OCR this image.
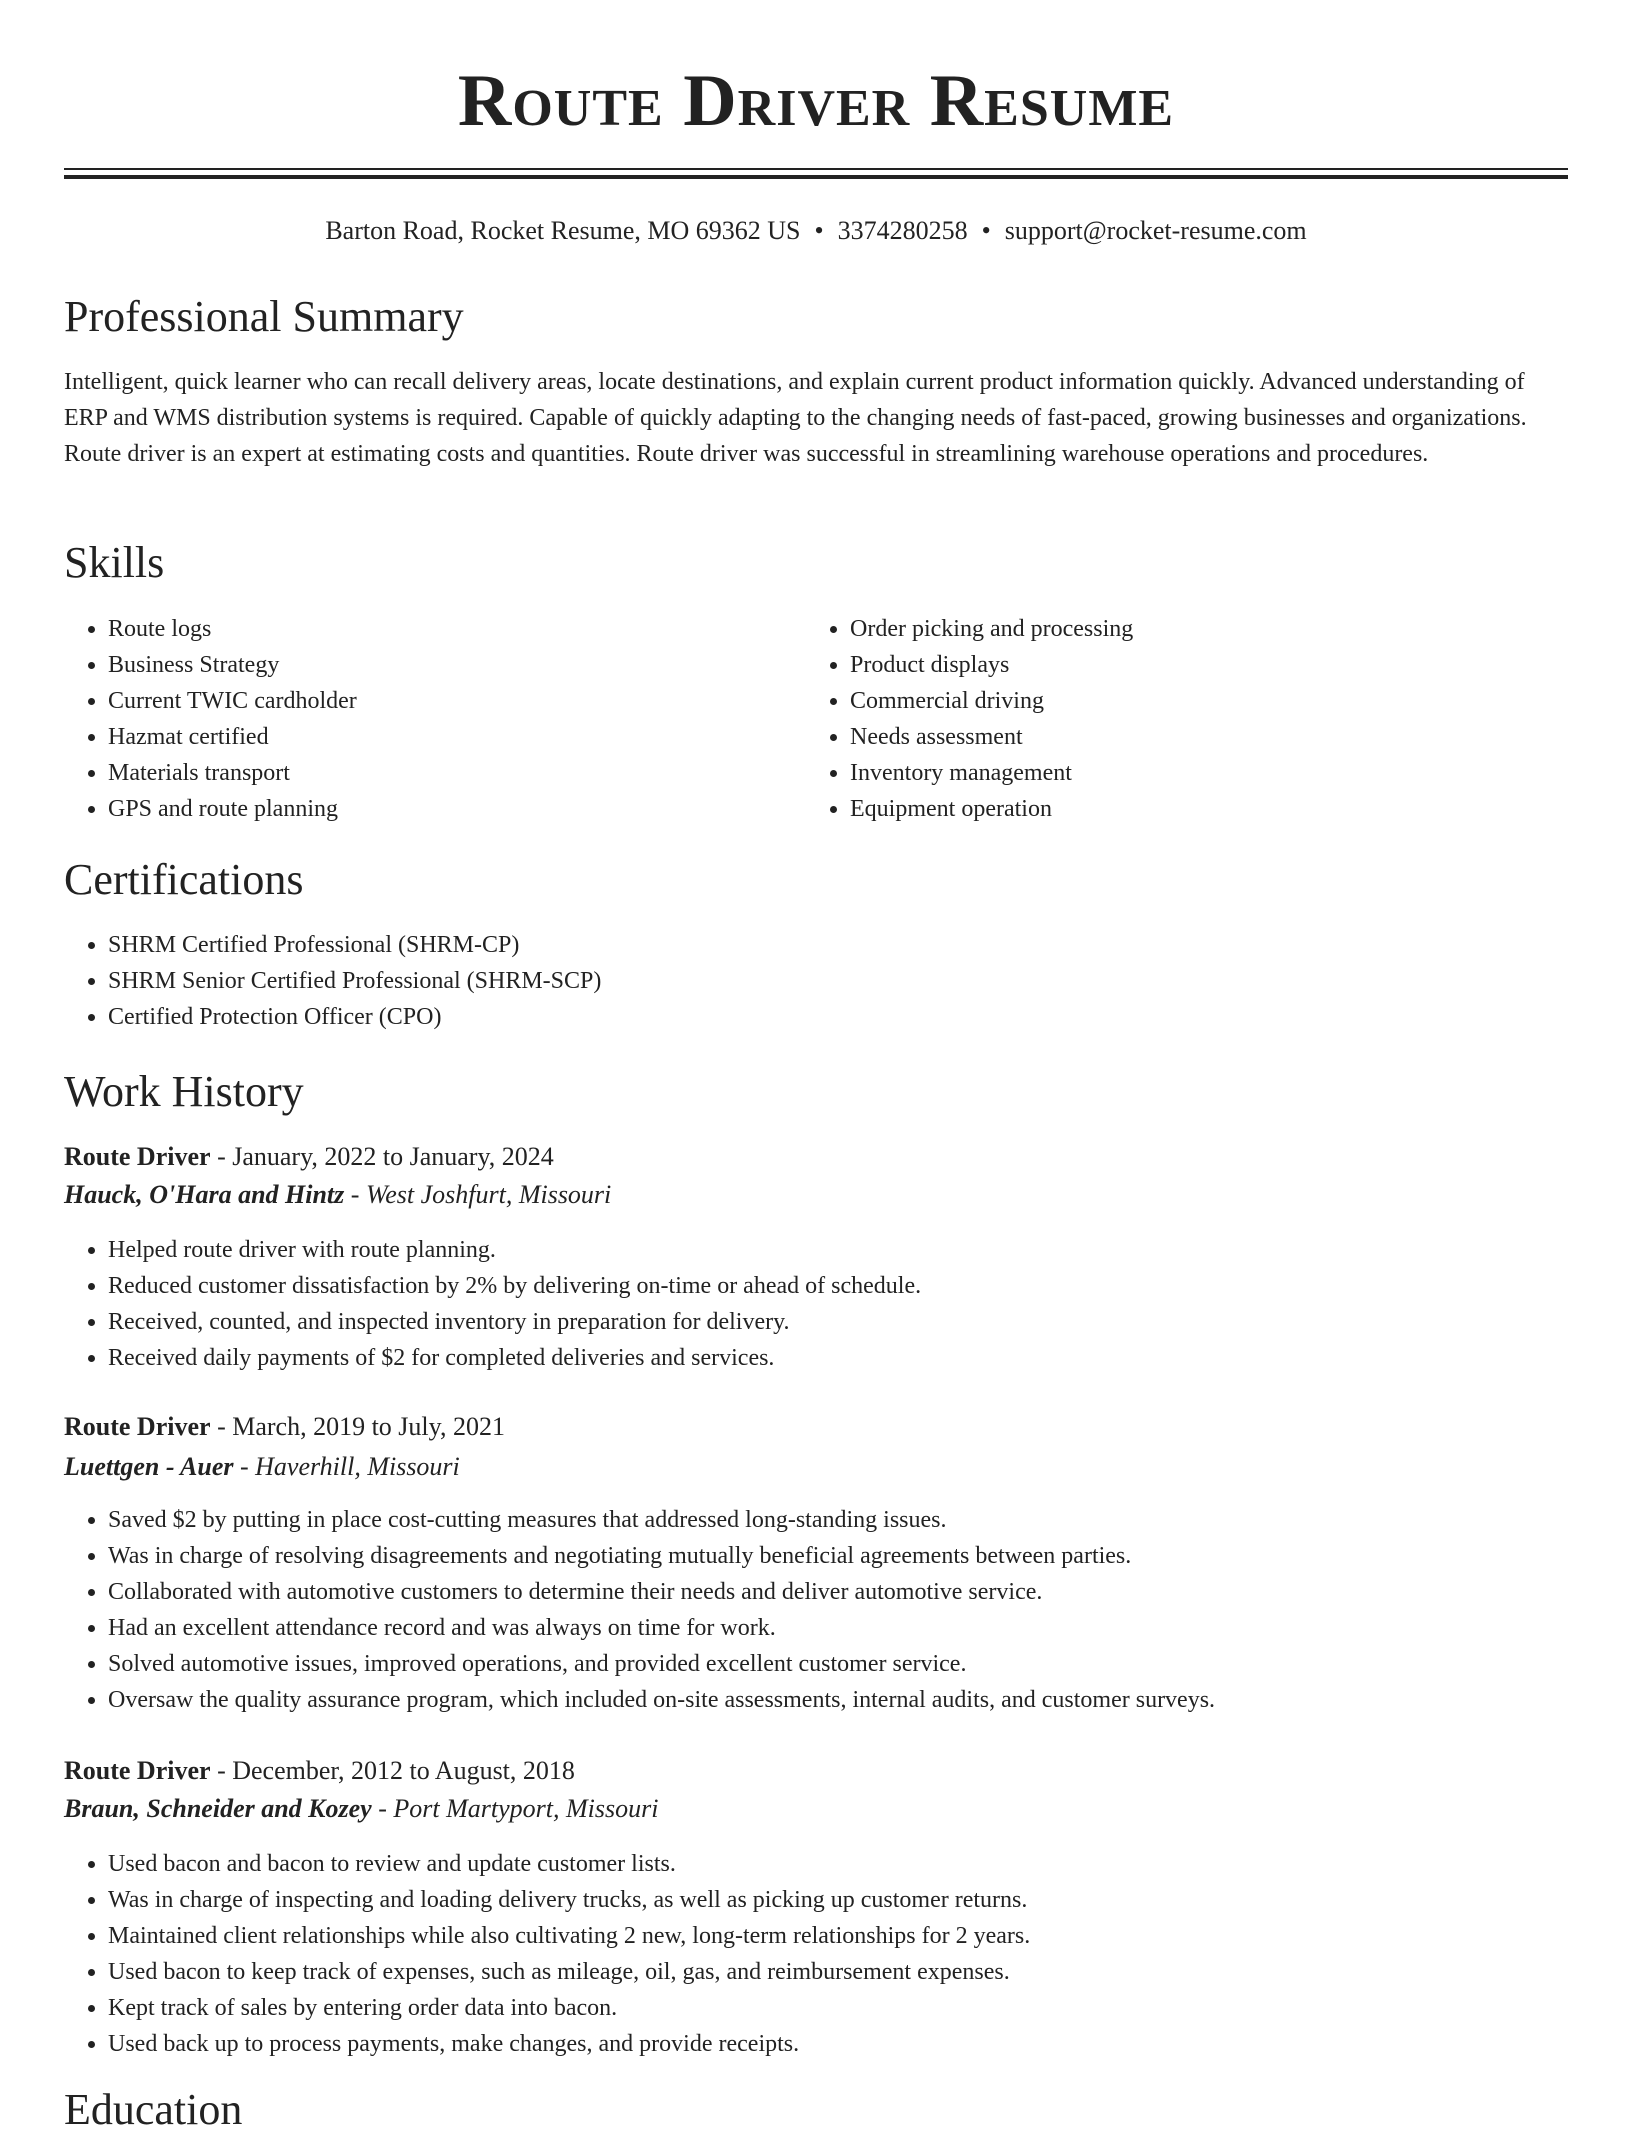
Route Driver Resume
Barton Road, Rocket Resume, MO 69362 US • 3374280258 • support@rocket-resume.com
Professional Summary

Intelligent, quick learner who can recall delivery areas, locate destinations, and explain current product information quickly. Advanced understanding of ERP and WMS distribution systems is required. Capable of quickly adapting to the changing needs of fast-paced, growing businesses and organizations. Route driver is an expert at estimating costs and quantities. Route driver was successful in streamlining warehouse operations and procedures.

Skills
• Route logs
• Business Strategy
• Current TWIC cardholder
• Hazmat certified
• Materials transport
• GPS and route planning
• Order picking and processing
• Product displays
• Commercial driving
• Needs assessment
• Inventory management
• Equipment operation
Certifications
• SHRM Certified Professional (SHRM-CP)
• SHRM Senior Certified Professional (SHRM-SCP)
• Certified Protection Officer (CPO)
Work History
Route Driver - January, 2022 to January, 2024
Hauck, O'Hara and Hintz - West Joshfurt, Missouri
• Helped route driver with route planning.
• Reduced customer dissatisfaction by 2% by delivering on-time or ahead of schedule.
• Received, counted, and inspected inventory in preparation for delivery.
• Received daily payments of $2 for completed deliveries and services.
Route Driver - March, 2019 to July, 2021
Luettgen - Auer - Haverhill, Missouri
• Saved $2 by putting in place cost-cutting measures that addressed long-standing issues.
• Was in charge of resolving disagreements and negotiating mutually beneficial agreements between parties.
• Collaborated with automotive customers to determine their needs and deliver automotive service.
• Had an excellent attendance record and was always on time for work.
• Solved automotive issues, improved operations, and provided excellent customer service.
• Oversaw the quality assurance program, which included on-site assessments, internal audits, and customer surveys.
Route Driver - December, 2012 to August, 2018
Braun, Schneider and Kozey - Port Martyport, Missouri
• Used bacon and bacon to review and update customer lists.
• Was in charge of inspecting and loading delivery trucks, as well as picking up customer returns.
• Maintained client relationships while also cultivating 2 new, long-term relationships for 2 years.
• Used bacon to keep track of expenses, such as mileage, oil, gas, and reimbursement expenses.
• Kept track of sales by entering order data into bacon.
• Used back up to process payments, make changes, and provide receipts.
Education
